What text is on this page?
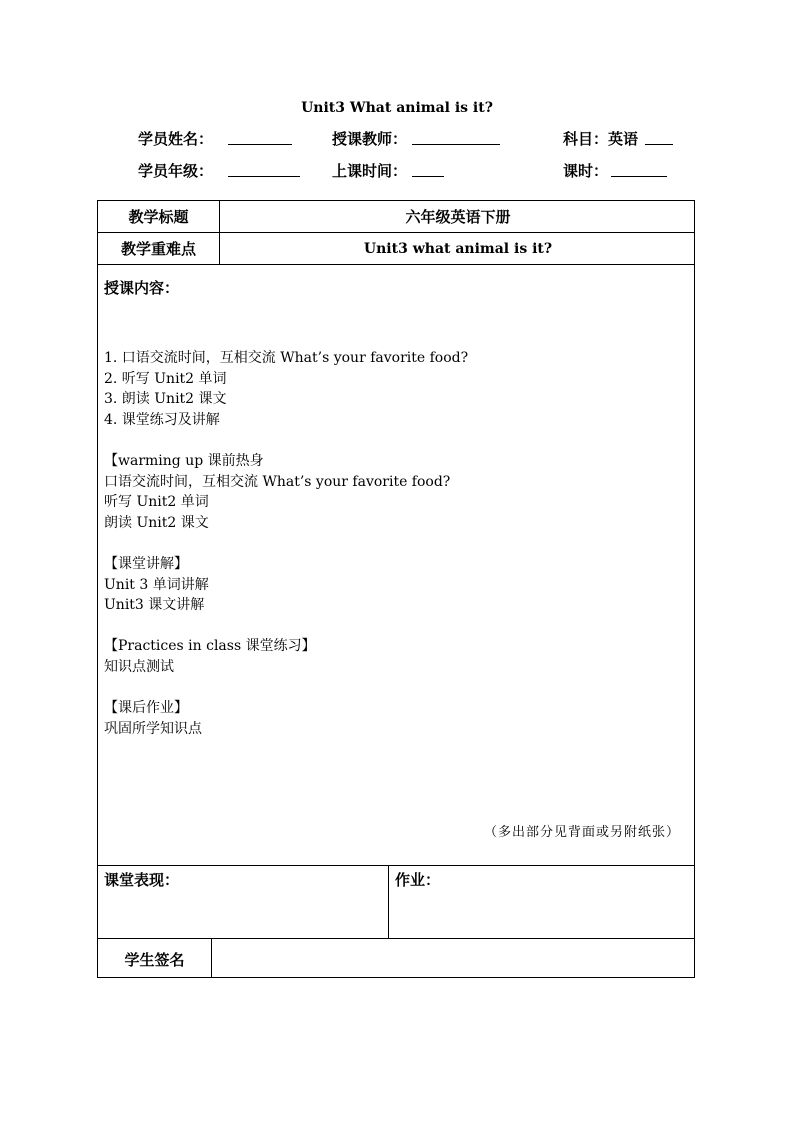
Unit3 What animal is it?
学员姓名：	授课教师：	科目：英语
学员年级：	上课时间：	课时：
教学标题	六年级英语下册
教学重难点	Unit3 what animal is it?
授课内容：
1. 口语交流时间，互相交流 What’s your favorite food?
2. 听写 Unit2 单词
3. 朗读 Unit2 课文
4. 课堂练习及讲解
【warming up 课前热身
口语交流时间，互相交流 What’s your favorite food?
听写 Unit2 单词
朗读 Unit2 课文
【课堂讲解】
Unit 3 单词讲解
Unit3 课文讲解
【Practices in class 课堂练习】
知识点测试
【课后作业】
巩固所学知识点
（多出部分见背面或另附纸张）
课堂表现：	作业：
学生签名
